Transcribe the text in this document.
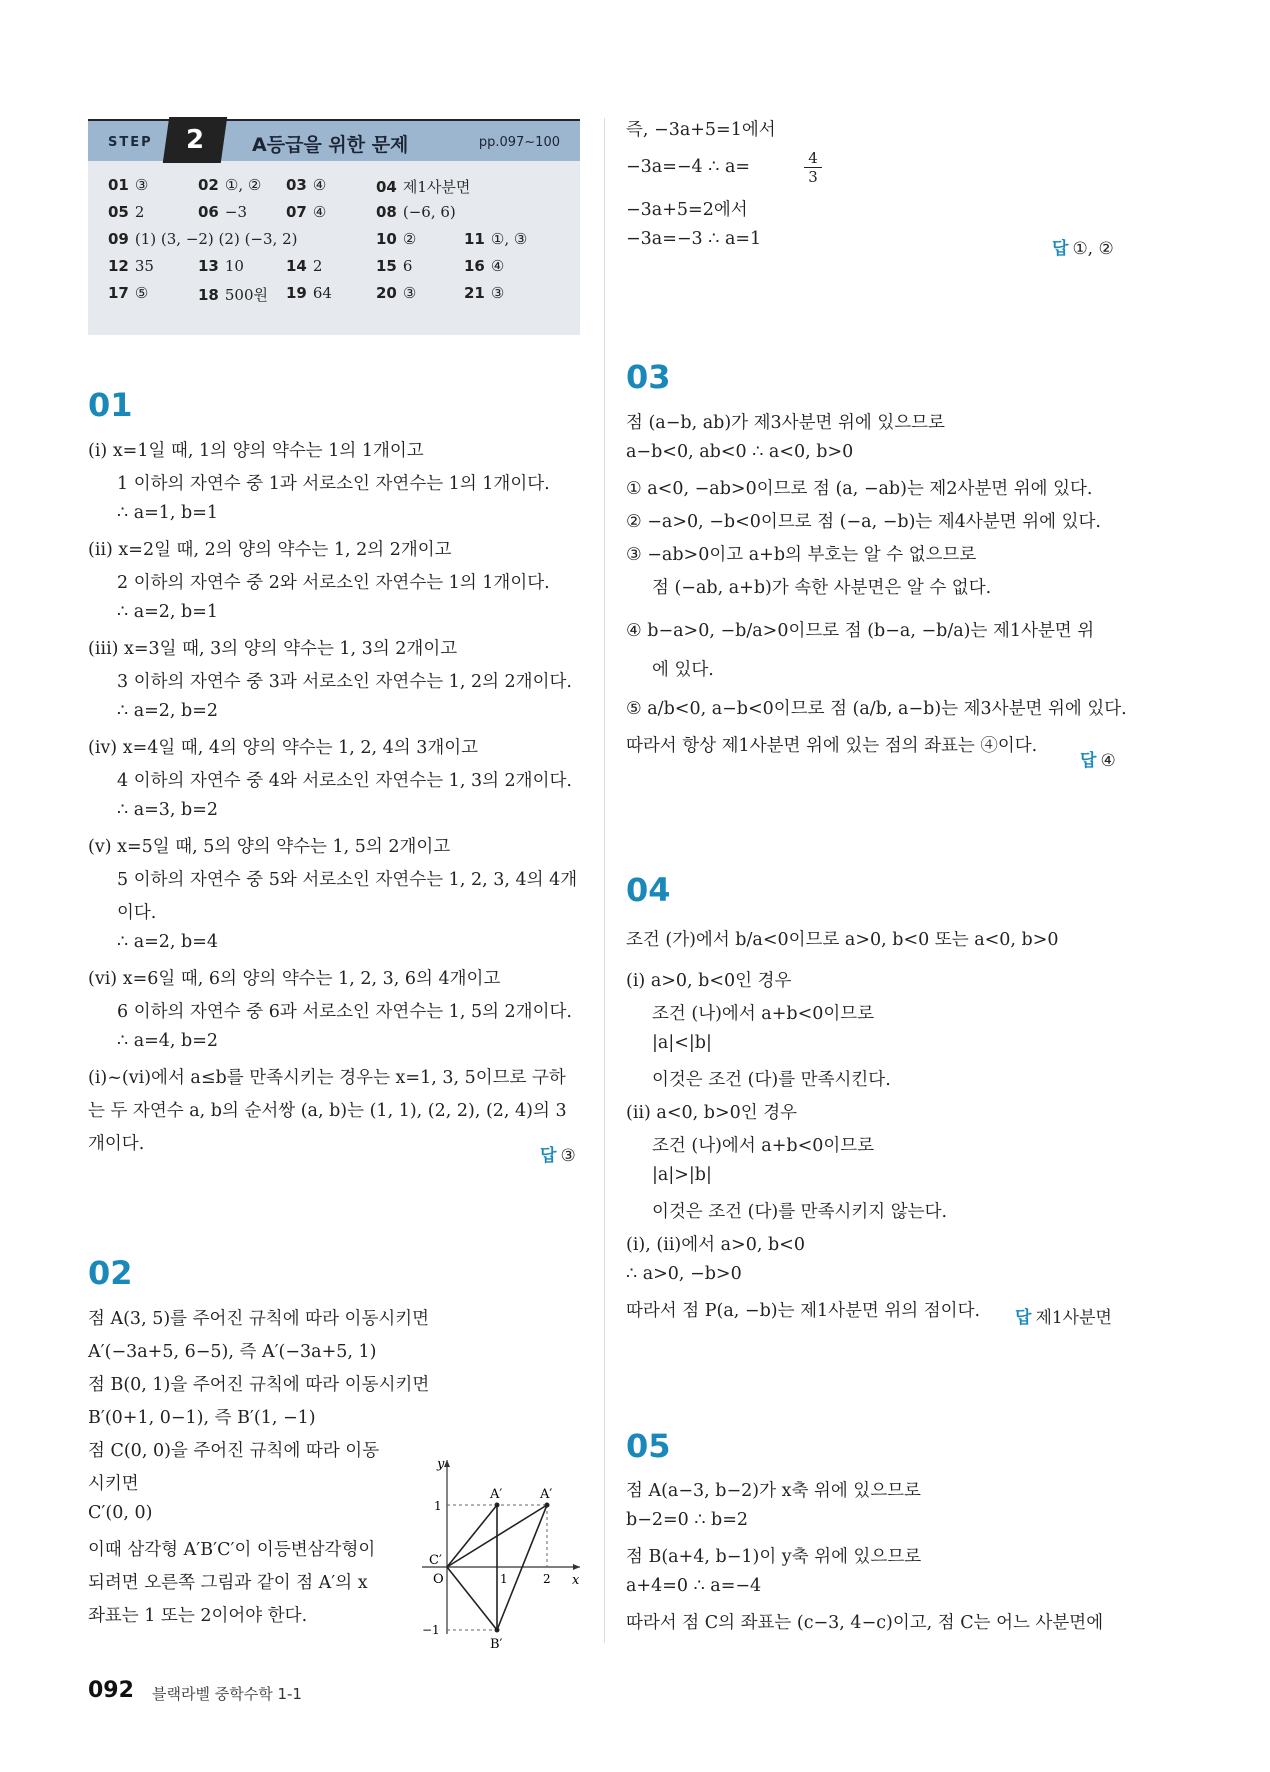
STEP	2	A등급을 위한 문제	pp.097~100
01 ③	02 ①, ② 03 ④	04 제1사분면
05 2	06 −3	07 ④	08 (−6, 6)
09 (1) (3, −2) (2) (−3, 2)	10 ②	11 ①, ③
12 35	13 10	14 2	15 6	16 ④
17 ⑤	18 500원 19 64	20 ③	21 ③
01
(ⅰ) x=1일 때, 1의 양의 약수는 1의 1개이고
1 이하의 자연수 중 1과 서로소인 자연수는 1의 1개이다.
∴ a=1, b=1
(ⅱ) x=2일 때, 2의 양의 약수는 1, 2의 2개이고
2 이하의 자연수 중 2와 서로소인 자연수는 1의 1개이다.
∴ a=2, b=1
(ⅲ) x=3일 때, 3의 양의 약수는 1, 3의 2개이고
3 이하의 자연수 중 3과 서로소인 자연수는 1, 2의 2개이다.
∴ a=2, b=2
(ⅳ) x=4일 때, 4의 양의 약수는 1, 2, 4의 3개이고
4 이하의 자연수 중 4와 서로소인 자연수는 1, 3의 2개이다.
∴ a=3, b=2
(ⅴ) x=5일 때, 5의 양의 약수는 1, 5의 2개이고
5 이하의 자연수 중 5와 서로소인 자연수는 1, 2, 3, 4의 4개
이다.
∴ a=2, b=4
(ⅵ) x=6일 때, 6의 양의 약수는 1, 2, 3, 6의 4개이고
6 이하의 자연수 중 6과 서로소인 자연수는 1, 5의 2개이다.
∴ a=4, b=2
(ⅰ)~(ⅵ)에서 a≤b를 만족시키는 경우는 x=1, 3, 5이므로 구하
는 두 자연수 a, b의 순서쌍 (a, b)는 (1, 1), (2, 2), (2, 4)의 3
개이다.
답 ③
02
점 A(3, 5)를 주어진 규칙에 따라 이동시키면
A′(−3a+5, 6−5), 즉 A′(−3a+5, 1)
점 B(0, 1)을 주어진 규칙에 따라 이동시키면
B′(0+1, 0−1), 즉 B′(1, −1)
점 C(0, 0)을 주어진 규칙에 따라 이동
시키면
C′(0, 0)
이때 삼각형 A′B′C′이 이등변삼각형이
되려면 오른쪽 그림과 같이 점 A′의 x
좌표는 1 또는 2이어야 한다.
y
x
O
C′
1	2
1
−1
A′	A′
B′
즉, −3a+5=1에서
−3a=−4 ∴ a=
−3a+5=2에서
−3a=−3 ∴ a=1
4
3
답 ①, ②
03
점 (a−b, ab)가 제3사분면 위에 있으므로
a−b<0, ab<0 ∴ a<0, b>0
① a<0, −ab>0이므로 점 (a, −ab)는 제2사분면 위에 있다.
② −a>0, −b<0이므로 점 (−a, −b)는 제4사분면 위에 있다.
③ −ab>0이고 a+b의 부호는 알 수 없으므로
점 (−ab, a+b)가 속한 사분면은 알 수 없다.
④ b−a>0, −b/a>0이므로 점 (b−a, −b/a)는 제1사분면 위
에 있다.
⑤ a/b<0, a−b<0이므로 점 (a/b, a−b)는 제3사분면 위에 있다.
따라서 항상 제1사분면 위에 있는 점의 좌표는 ④이다.
답 ④
04
조건 (가)에서 b/a<0이므로 a>0, b<0 또는 a<0, b>0
(ⅰ) a>0, b<0인 경우
조건 (나)에서 a+b<0이므로
|a|<|b|
이것은 조건 (다)를 만족시킨다.
(ⅱ) a<0, b>0인 경우
조건 (나)에서 a+b<0이므로
|a|>|b|
이것은 조건 (다)를 만족시키지 않는다.
(ⅰ), (ⅱ)에서 a>0, b<0
∴ a>0, −b>0
따라서 점 P(a, −b)는 제1사분면 위의 점이다. 답 제1사분면
05
점 A(a−3, b−2)가 x축 위에 있으므로
b−2=0 ∴ b=2
점 B(a+4, b−1)이 y축 위에 있으므로
a+4=0 ∴ a=−4
따라서 점 C의 좌표는 (c−3, 4−c)이고, 점 C는 어느 사분면에
092 블랙라벨 중학수학 1-1
